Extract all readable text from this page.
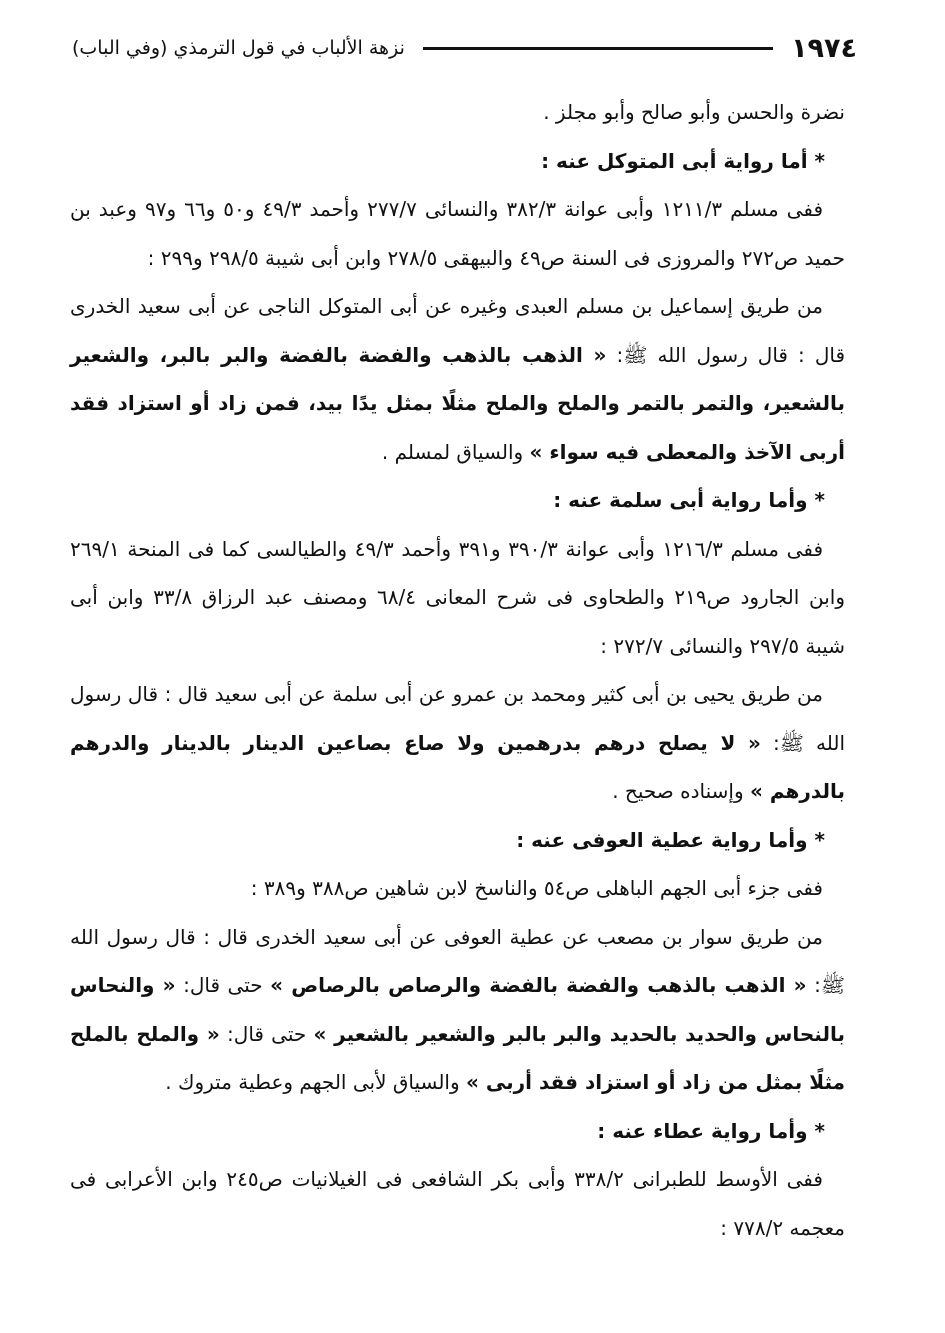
١٩٧٤
نزهة الألباب في قول الترمذي (وفي الباب)

نضرة والحسن وأبو صالح وأبو مجلز .

* أما رواية أبى المتوكل عنه :

ففى مسلم ١٢١١/٣ وأبى عوانة ٣٨٢/٣ والنسائى ٢٧٧/٧ وأحمد ٤٩/٣ و٥٠ و٦٦ و٩٧ وعبد بن حميد ص٢٧٢ والمروزى فى السنة ص٤٩ والبيهقى ٢٧٨/٥ وابن أبى شيبة ٢٩٨/٥ و٢٩٩ :

من طريق إسماعيل بن مسلم العبدى وغيره عن أبى المتوكل الناجى عن أبى سعيد الخدرى قال : قال رسول الله ﷺ: « الذهب بالذهب والفضة بالفضة والبر بالبر، والشعير بالشعير، والتمر بالتمر والملح والملح مثلًا بمثل يدًا بيد، فمن زاد أو استزاد فقد أربى الآخذ والمعطى فيه سواء » والسياق لمسلم .

* وأما رواية أبى سلمة عنه :

ففى مسلم ١٢١٦/٣ وأبى عوانة ٣٩٠/٣ و٣٩١ وأحمد ٤٩/٣ والطيالسى كما فى المنحة ٢٦٩/١ وابن الجارود ص٢١٩ والطحاوى فى شرح المعانى ٦٨/٤ ومصنف عبد الرزاق ٣٣/٨ وابن أبى شيبة ٢٩٧/٥ والنسائى ٢٧٢/٧ :

من طريق يحيى بن أبى كثير ومحمد بن عمرو عن أبى سلمة عن أبى سعيد قال : قال رسول الله ﷺ: « لا يصلح درهم بدرهمين ولا صاع بصاعين الدينار بالدينار والدرهم بالدرهم » وإسناده صحيح .

* وأما رواية عطية العوفى عنه :

ففى جزء أبى الجهم الباهلى ص٥٤ والناسخ لابن شاهين ص٣٨٨ و٣٨٩ :

من طريق سوار بن مصعب عن عطية العوفى عن أبى سعيد الخدرى قال : قال رسول الله ﷺ: « الذهب بالذهب والفضة بالفضة والرصاص بالرصاص » حتى قال: « والنحاس بالنحاس والحديد بالحديد والبر بالبر والشعير بالشعير » حتى قال: « والملح بالملح مثلًا بمثل من زاد أو استزاد فقد أربى » والسياق لأبى الجهم وعطية متروك .

* وأما رواية عطاء عنه :

ففى الأوسط للطبرانى ٣٣٨/٢ وأبى بكر الشافعى فى الغيلانيات ص٢٤٥ وابن الأعرابى فى معجمه ٧٧٨/٢ :
